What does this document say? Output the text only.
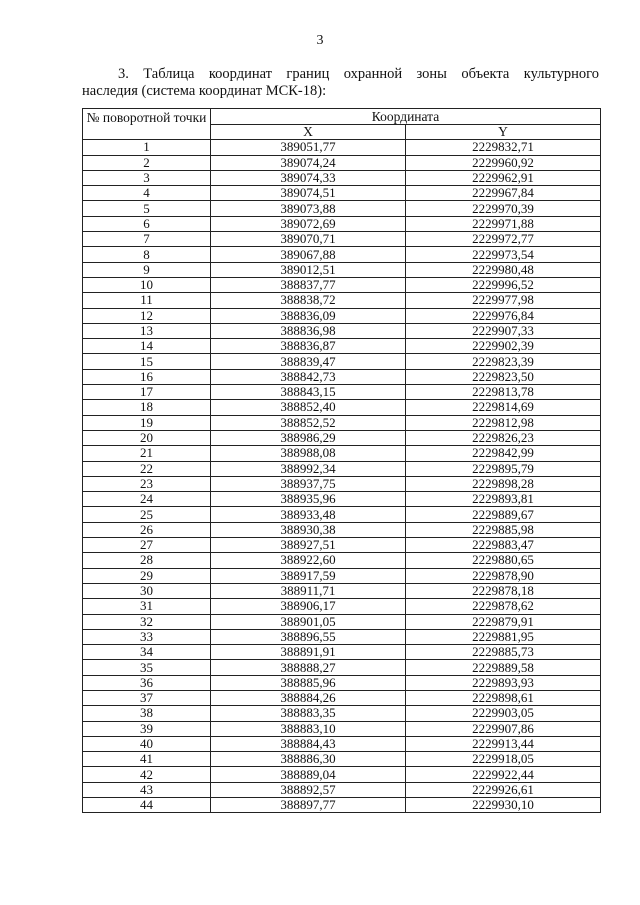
3
3. Таблица координат границ охранной зоны объекта культурного
наследия (система координат МСК-18):
№ поворотной точки	Координата	
	X	Y
1	389051,77	2229832,71
2	389074,24	2229960,92
3	389074,33	2229962,91
4	389074,51	2229967,84
5	389073,88	2229970,39
6	389072,69	2229971,88
7	389070,71	2229972,77
8	389067,88	2229973,54
9	389012,51	2229980,48
10	388837,77	2229996,52
11	388838,72	2229977,98
12	388836,09	2229976,84
13	388836,98	2229907,33
14	388836,87	2229902,39
15	388839,47	2229823,39
16	388842,73	2229823,50
17	388843,15	2229813,78
18	388852,40	2229814,69
19	388852,52	2229812,98
20	388986,29	2229826,23
21	388988,08	2229842,99
22	388992,34	2229895,79
23	388937,75	2229898,28
24	388935,96	2229893,81
25	388933,48	2229889,67
26	388930,38	2229885,98
27	388927,51	2229883,47
28	388922,60	2229880,65
29	388917,59	2229878,90
30	388911,71	2229878,18
31	388906,17	2229878,62
32	388901,05	2229879,91
33	388896,55	2229881,95
34	388891,91	2229885,73
35	388888,27	2229889,58
36	388885,96	2229893,93
37	388884,26	2229898,61
38	388883,35	2229903,05
39	388883,10	2229907,86
40	388884,43	2229913,44
41	388886,30	2229918,05
42	388889,04	2229922,44
43	388892,57	2229926,61
44	388897,77	2229930,10
